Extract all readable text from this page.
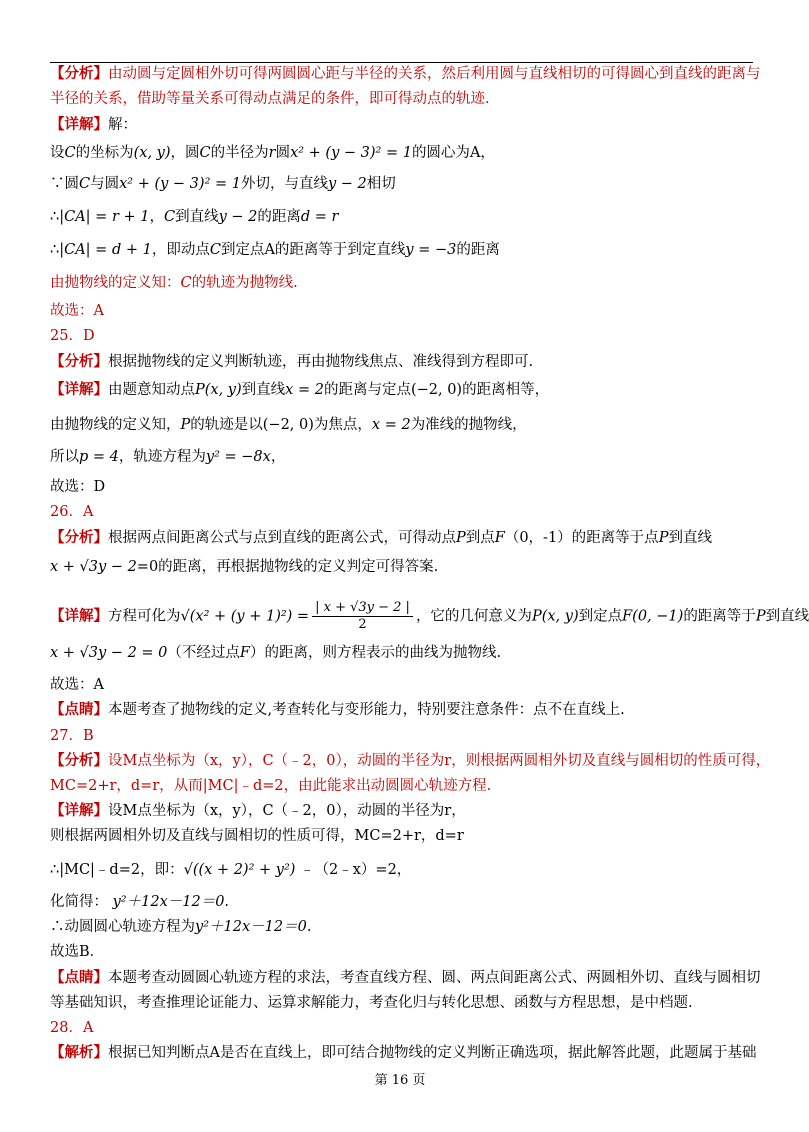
【分析】由动圆与定圆相外切可得两圆圆心距与半径的关系，然后利用圆与直线相切的可得圆心到直线的距离与
半径的关系，借助等量关系可得动点满足的条件，即可得动点的轨迹.
【详解】解：
设C的坐标为(x, y)，圆C的半径为r圆x² + (y − 3)² = 1的圆心为A，
∵圆C与圆x² + (y − 3)² = 1外切，与直线y − 2相切
∴|CA| = r + 1，C到直线y − 2的距离d = r
∴|CA| = d + 1，即动点C到定点A的距离等于到定直线y = −3的距离
由抛物线的定义知：C的轨迹为抛物线.
故选：A
25．D
【分析】根据抛物线的定义判断轨迹，再由抛物线焦点、准线得到方程即可.
【详解】由题意知动点P(x, y)到直线x = 2的距离与定点(−2, 0)的距离相等，
由抛物线的定义知，P的轨迹是以(−2, 0)为焦点，x = 2为准线的抛物线，
所以p = 4，轨迹方程为y² = −8x，
故选：D
26．A
【分析】根据两点间距离公式与点到直线的距离公式，可得动点P到点F（0，-1）的距离等于点P到直线
x + √3y − 2=0的距离，再根据抛物线的定义判定可得答案.
【详解】方程可化为$√(x^2 + (y + 1)^2) = \frac{| x + √3y - 2 |}{2}$ ，它的几何意义为P(x, y)到定点F(0, −1)的距离等于P到直线
x + √3y − 2 = 0（不经过点F）的距离，则方程表示的曲线为抛物线.
故选：A
【点睛】本题考查了抛物线的定义,考查转化与变形能力，特别要注意条件：点不在直线上.
27．B
【分析】设M点坐标为（x，y），C（﹣2，0），动圆的半径为r，则根据两圆相外切及直线与圆相切的性质可得，
MC=2+r，d=r，从而|MC|﹣d=2，由此能求出动圆圆心轨迹方程.
【详解】设M点坐标为（x，y），C（﹣2，0），动圆的半径为r，
则根据两圆相外切及直线与圆相切的性质可得，MC=2+r，d=r
∴|MC|﹣d=2，即：√((x + 2)² + y²) ﹣（2﹣x）=2，
化简得： y²＋12x－12＝0.
∴动圆圆心轨迹方程为y²＋12x－12＝0.
故选B．
【点睛】本题考查动圆圆心轨迹方程的求法，考查直线方程、圆、两点间距离公式、两圆相外切、直线与圆相切
等基础知识，考查推理论证能力、运算求解能力，考查化归与转化思想、函数与方程思想，是中档题.
28．A
【解析】根据已知判断点A是否在直线上，即可结合抛物线的定义判断正确选项，据此解答此题，此题属于基础
第 16 页
